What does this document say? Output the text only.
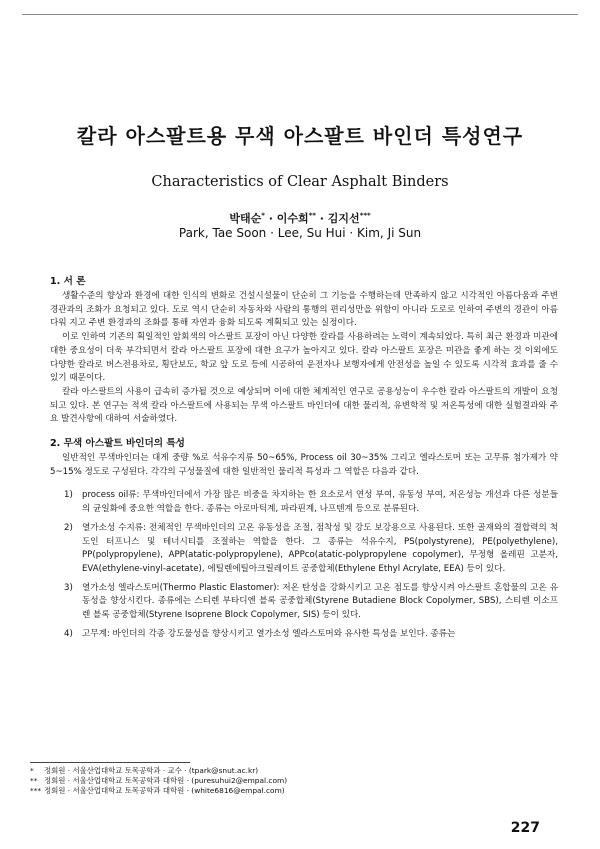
칼라 아스팔트용 무색 아스팔트 바인더 특성연구

Characteristics of Clear Asphalt Binders

박태순* · 이수희** · 김지선***
Park, Tae Soon · Lee, Su Hui · Kim, Ji Sun

1. 서 론

생활수준의 향상과 환경에 대한 인식의 변화로 건설시설물이 단순히 그 기능을 수행하는데 만족하지 않고 시각적인 아름다움과 주변경관과의 조화가 요청되고 있다. 도로 역시 단순히 자동차와 사람의 통행의 편리성만을 위함이 아니라 도로로 인하여 주변의 경관이 아름다워 지고 주변 환경과의 조화를 통해 자연과 융화 되도록 계획되고 있는 실정이다.

이로 인하여 기존의 획일적인 암회색의 아스팔트 포장이 아닌 다양한 칼라를 사용하려는 노력이 계속되었다. 특히 최근 환경과 미관에 대한 중요성이 더욱 부각되면서 칼라 아스팔트 포장에 대한 요구가 높아지고 있다. 칼라 아스팔트 포장은 미관을 좋게 하는 것 이외에도 다양한 칼라로 버스전용차로, 횡단보도, 학교 앞 도로 등에 시공하여 운전자나 보행자에게 안전성을 높일 수 있도록 시각적 효과를 줄 수 있기 때문이다.

칼라 아스팔트의 사용이 급속히 증가될 것으로 예상되며 이에 대한 체계적인 연구로 공용성능이 우수한 칼라 아스팔트의 개발이 요청되고 있다. 본 연구는 적색 칼라 아스팔트에 사용되는 무색 아스팔트 바인더에 대한 물리적, 유변학적 및 저온특성에 대한 실험결과와 주요 발견사항에 대하여 서술하였다.

2. 무색 아스팔트 바인더의 특성

일반적인 무색바인더는 대게 중량 %로 석유수지류 50~65%, Process oil 30~35% 그리고 엘라스토머 또는 고무류 첨가제가 약 5~15% 정도로 구성된다. 각각의 구성물질에 대한 일반적인 물리적 특성과 그 역할은 다음과 같다.

1) process oil류: 무색바인더에서 가장 많은 비중을 차지하는 한 요소로서 연성 부여, 유동성 부여, 저온성능 개선과 다른 성분들의 균일화에 중요한 역할을 한다. 종류는 아로마틱계, 파라핀계, 나프텐계 등으로 분류된다.
2) 열가소성 수지류: 전체적인 무색바인더의 고온 유동성을 조절, 점착성 및 강도 보강용으로 사용된다. 또한 골재와의 결합력의 척도인 터프니스 및 테너시티를 조절하는 역할을 한다. 그 종류는 석유수지, PS(polystyrene), PE(polyethylene), PP(polypropylene), APP(atatic-polypropylene), APPco(atatic-polypropylene copolymer), 무정형 올레핀 고분자, EVA(ethylene-vinyl-acetate), 에틸렌에틸아크릴레이트 공중합체(Ethylene Ethyl Acrylate, EEA) 등이 있다.
3) 열가소성 엘라스토머(Thermo Plastic Elastomer): 저온 탄성을 강화시키고 고온 점도를 향상시켜 아스팔트 혼합물의 고온 유동성을 향상시킨다. 종류에는 스티렌 부타디엔 블록 공중합체(Styrene Butadiene Block Copolymer, SBS), 스티렌 이소프렌 블록 공중합체(Styrene Isoprene Block Copolymer, SIS) 등이 있다.
4) 고무계: 바인더의 각종 강도물성을 향상시키고 열가소성 엘라스토머와 유사한 특성을 보인다. 종류는
*	정회원 · 서울산업대학교 토목공학과 · 교수 · (tpark@snut.ac.kr)
** 정회원 · 서울산업대학교 토목공학과 대학원 · (puresuhui2@empal.com)
*** 정회원 · 서울산업대학교 토목공학과 대학원 · (white6816@empal.com)
227
